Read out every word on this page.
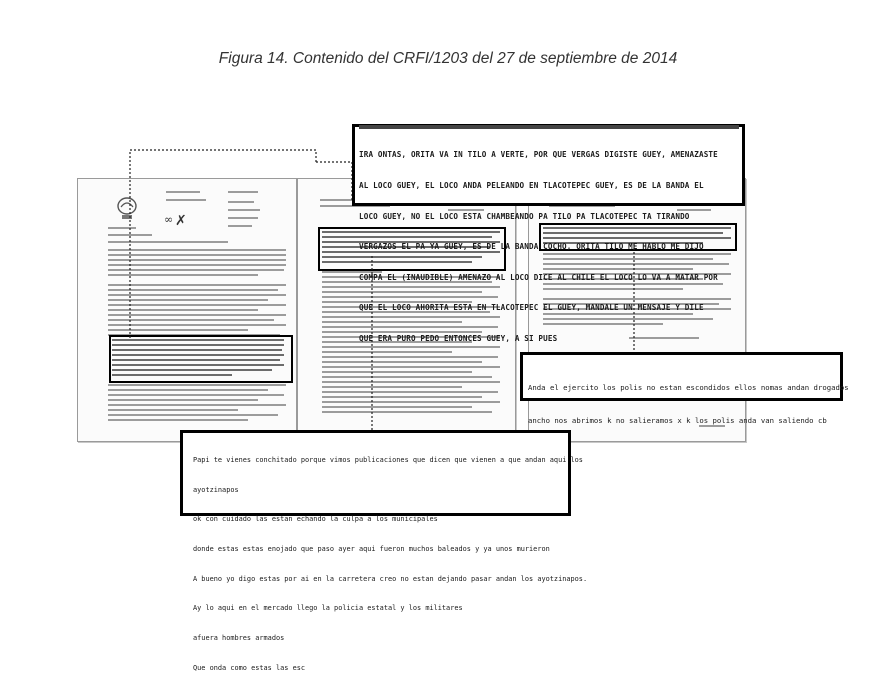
Figura 14. Contenido del CRFI/1203 del 27 de septiembre de 2014
✗
∞

IRA ONTAS, ORITA VA IN TILO A VERTE, POR QUE VERGAS DIGISTE GUEY, AMENAZASTE

AL LOCO GUEY, EL LOCO ANDA PELEANDO EN TLACOTEPEC GUEY, ES DE LA BANDA EL

LOCO GUEY, NO EL LOCO ESTA CHAMBEANDO PA TILO PA TLACOTEPEC TA TIRANDO

VERGAZOS EL PA YA GUEY, ES DE LA BANDA COCHO, ORITA TILO ME HABLO ME DIJO

COMPA EL (INAUDIBLE) AMENAZO AL LOCO DICE AL CHILE EL LOCO LO VA A MATAR POR

QUE EL LOCO AHORITA ESTA EN TLACOTEPEC EL GUEY, MANDALE UN MENSAJE Y DILE

QUE ERA PURO PEDO ENTONCES GUEY, A SI PUES

Anda el ejercito los polis no estan escondidos ellos nomas andan drogados

ancho nos abrimos k no salieramos x k los polis anda van saliendo cb

Papi te vienes conchitado porque vimos publicaciones que dicen que vienen a que andan aqui los

ayotzinapos

ok con cuidado las estan echando la culpa a los municipales

donde estas estas enojado que paso ayer aqui fueron muchos baleados y ya unos murieron

A bueno yo digo estas por ai en la carretera creo no estan dejando pasar andan los ayotzinapos.

Ay lo aqui en el mercado llego la policia estatal y los militares

afuera hombres armados

Que onda como estas las esc
